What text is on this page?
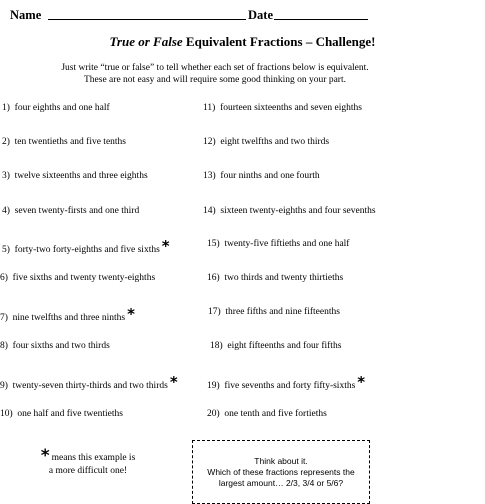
Name	Date
True or False Equivalent Fractions – Challenge!
Just write “true or false” to tell whether each set of fractions below is equivalent.
These are not easy and will require some good thinking on your part.
1) four eighths and one half
2) ten twentieths and five tenths
3) twelve sixteenths and three eighths
4) seven twenty-firsts and one third
5) forty-two forty-eighths and five sixths *
6) five sixths and twenty twenty-eighths
7) nine twelfths and three ninths *
8) four sixths and two thirds
9) twenty-seven thirty-thirds and two thirds *
10) one half and five twentieths
11) fourteen sixteenths and seven eighths
12) eight twelfths and two thirds
13) four ninths and one fourth
14) sixteen twenty-eighths and four sevenths
15) twenty-five fiftieths and one half
16) two thirds and twenty thirtieths
17) three fifths and nine fifteenths
18) eight fifteenths and four fifths
19) five sevenths and forty fifty-sixths *
20) one tenth and five fortieths
* means this example is
a more difficult one!
Think about it.
Which of these fractions represents the
largest amount… 2/3, 3/4 or 5/6?
